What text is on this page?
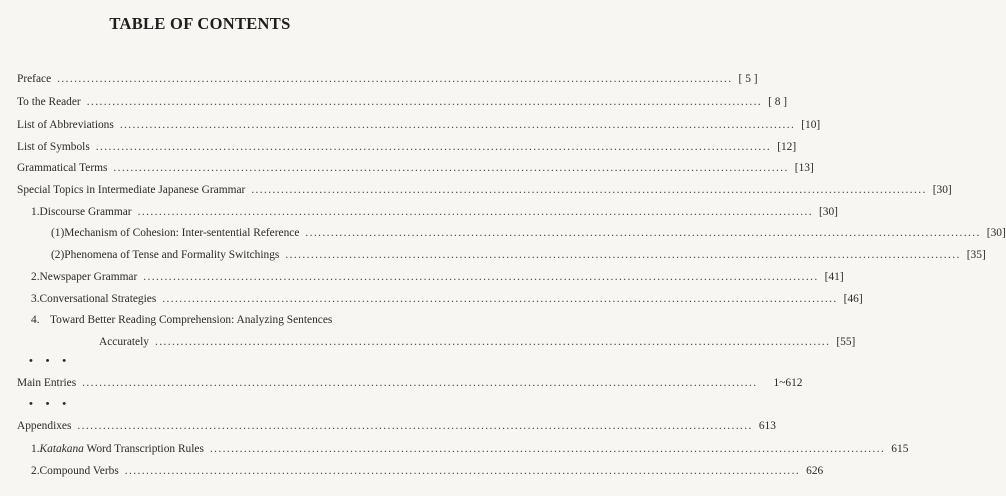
TABLE OF CONTENTS
Preface ............................................................................................................................................................... [ 5 ]
To the Reader ............................................................................................................................................................... [ 8 ]
List of Abbreviations ............................................................................................................................................................... [10]
List of Symbols ............................................................................................................................................................... [12]
Grammatical Terms ............................................................................................................................................................... [13]
Special Topics in Intermediate Japanese Grammar ............................................................................................................................................................... [30]
1. Discourse Grammar ............................................................................................................................................................... [30]
(1) Mechanism of Cohesion: Inter-sentential Reference ............................................................................................................................................................... [30]
(2) Phenomena of Tense and Formality Switchings ............................................................................................................................................................... [35]
2. Newspaper Grammar ............................................................................................................................................................... [41]
3. Conversational Strategies ............................................................................................................................................................... [46]
4. Toward Better Reading Comprehension: Analyzing Sentences
Accurately ............................................................................................................................................................... [55]
• • •
Main Entries ............................................................................................................................................................... 1~612
• • •
Appendixes ............................................................................................................................................................... 613
1. Katakana Word Transcription Rules ............................................................................................................................................................... 615
2. Compound Verbs ............................................................................................................................................................... 626
